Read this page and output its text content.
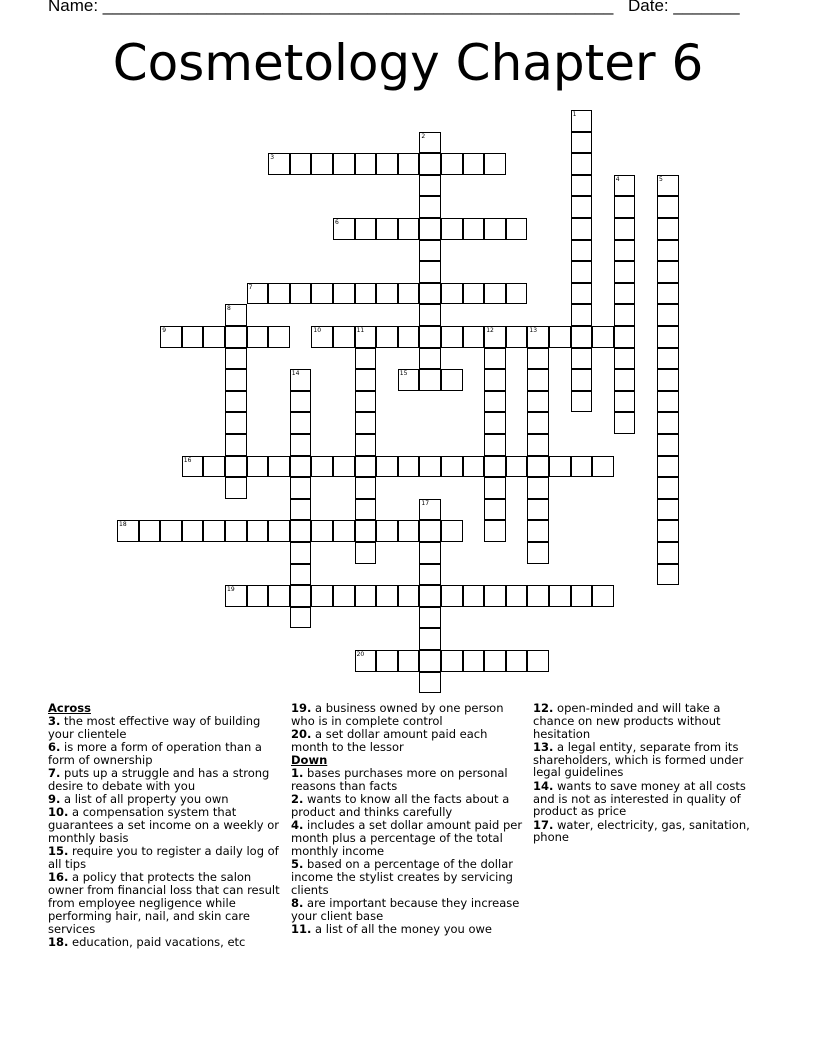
Name: ______________________________________________________ Date: _______
Cosmetology Chapter 6
1
2
3
4	5
6
7
8
9	10	11	12	13
14	15
16
17
18
19
20
Across
3. the most effective way of building your clientele
6. is more a form of operation than a form of ownership
7. puts up a struggle and has a strong desire to debate with you
9. a list of all property you own
10. a compensation system that guarantees a set income on a weekly or monthly basis
15. require you to register a daily log of all tips
16. a policy that protects the salon owner from financial loss that can result from employee negligence while performing hair, nail, and skin care services
18. education, paid vacations, etc
19. a business owned by one person who is in complete control
20. a set dollar amount paid each month to the lessor
Down
1. bases purchases more on personal reasons than facts
2. wants to know all the facts about a product and thinks carefully
4. includes a set dollar amount paid per month plus a percentage of the total monthly income
5. based on a percentage of the dollar income the stylist creates by servicing clients
8. are important because they increase your client base
11. a list of all the money you owe
12. open-minded and will take a chance on new products without hesitation
13. a legal entity, separate from its shareholders, which is formed under legal guidelines
14. wants to save money at all costs and is not as interested in quality of product as price
17. water, electricity, gas, sanitation, phone
